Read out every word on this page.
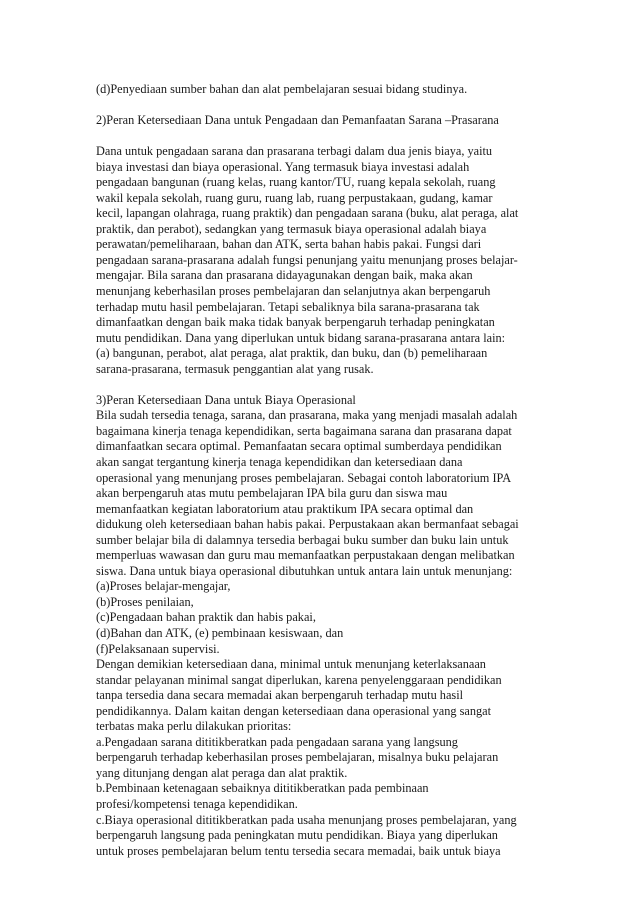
(d)Penyediaan sumber bahan dan alat pembelajaran sesuai bidang studinya.
2)Peran Ketersediaan Dana untuk Pengadaan dan Pemanfaatan Sarana –Prasarana
Dana untuk pengadaan sarana dan prasarana terbagi dalam dua jenis biaya, yaitu
biaya investasi dan biaya operasional. Yang termasuk biaya investasi adalah
pengadaan bangunan (ruang kelas, ruang kantor/TU, ruang kepala sekolah, ruang
wakil kepala sekolah, ruang guru, ruang lab, ruang perpustakaan, gudang, kamar
kecil, lapangan olahraga, ruang praktik) dan pengadaan sarana (buku, alat peraga, alat
praktik, dan perabot), sedangkan yang termasuk biaya operasional adalah biaya
perawatan/pemeliharaan, bahan dan ATK, serta bahan habis pakai. Fungsi dari
pengadaan sarana-prasarana adalah fungsi penunjang yaitu menunjang proses belajar-
mengajar. Bila sarana dan prasarana didayagunakan dengan baik, maka akan
menunjang keberhasilan proses pembelajaran dan selanjutnya akan berpengaruh
terhadap mutu hasil pembelajaran. Tetapi sebaliknya bila sarana-prasarana tak
dimanfaatkan dengan baik maka tidak banyak berpengaruh terhadap peningkatan
mutu pendidikan. Dana yang diperlukan untuk bidang sarana-prasarana antara lain:
(a) bangunan, perabot, alat peraga, alat praktik, dan buku, dan (b) pemeliharaan
sarana-prasarana, termasuk penggantian alat yang rusak.
3)Peran Ketersediaan Dana untuk Biaya Operasional
Bila sudah tersedia tenaga, sarana, dan prasarana, maka yang menjadi masalah adalah
bagaimana kinerja tenaga kependidikan, serta bagaimana sarana dan prasarana dapat
dimanfaatkan secara optimal. Pemanfaatan secara optimal sumberdaya pendidikan
akan sangat tergantung kinerja tenaga kependidikan dan ketersediaan dana
operasional yang menunjang proses pembelajaran. Sebagai contoh laboratorium IPA
akan berpengaruh atas mutu pembelajaran IPA bila guru dan siswa mau
memanfaatkan kegiatan laboratorium atau praktikum IPA secara optimal dan
didukung oleh ketersediaan bahan habis pakai. Perpustakaan akan bermanfaat sebagai
sumber belajar bila di dalamnya tersedia berbagai buku sumber dan buku lain untuk
memperluas wawasan dan guru mau memanfaatkan perpustakaan dengan melibatkan
siswa. Dana untuk biaya operasional dibutuhkan untuk antara lain untuk menunjang:
(a)Proses belajar-mengajar,
(b)Proses penilaian,
(c)Pengadaan bahan praktik dan habis pakai,
(d)Bahan dan ATK, (e) pembinaan kesiswaan, dan
(f)Pelaksanaan supervisi.
Dengan demikian ketersediaan dana, minimal untuk menunjang keterlaksanaan
standar pelayanan minimal sangat diperlukan, karena penyelenggaraan pendidikan
tanpa tersedia dana secara memadai akan berpengaruh terhadap mutu hasil
pendidikannya. Dalam kaitan dengan ketersediaan dana operasional yang sangat
terbatas maka perlu dilakukan prioritas:
a.Pengadaan sarana dititikberatkan pada pengadaan sarana yang langsung
berpengaruh terhadap keberhasilan proses pembelajaran, misalnya buku pelajaran
yang ditunjang dengan alat peraga dan alat praktik.
b.Pembinaan ketenagaan sebaiknya dititikberatkan pada pembinaan
profesi/kompetensi tenaga kependidikan.
c.Biaya operasional dititikberatkan pada usaha menunjang proses pembelajaran, yang
berpengaruh langsung pada peningkatan mutu pendidikan. Biaya yang diperlukan
untuk proses pembelajaran belum tentu tersedia secara memadai, baik untuk biaya
